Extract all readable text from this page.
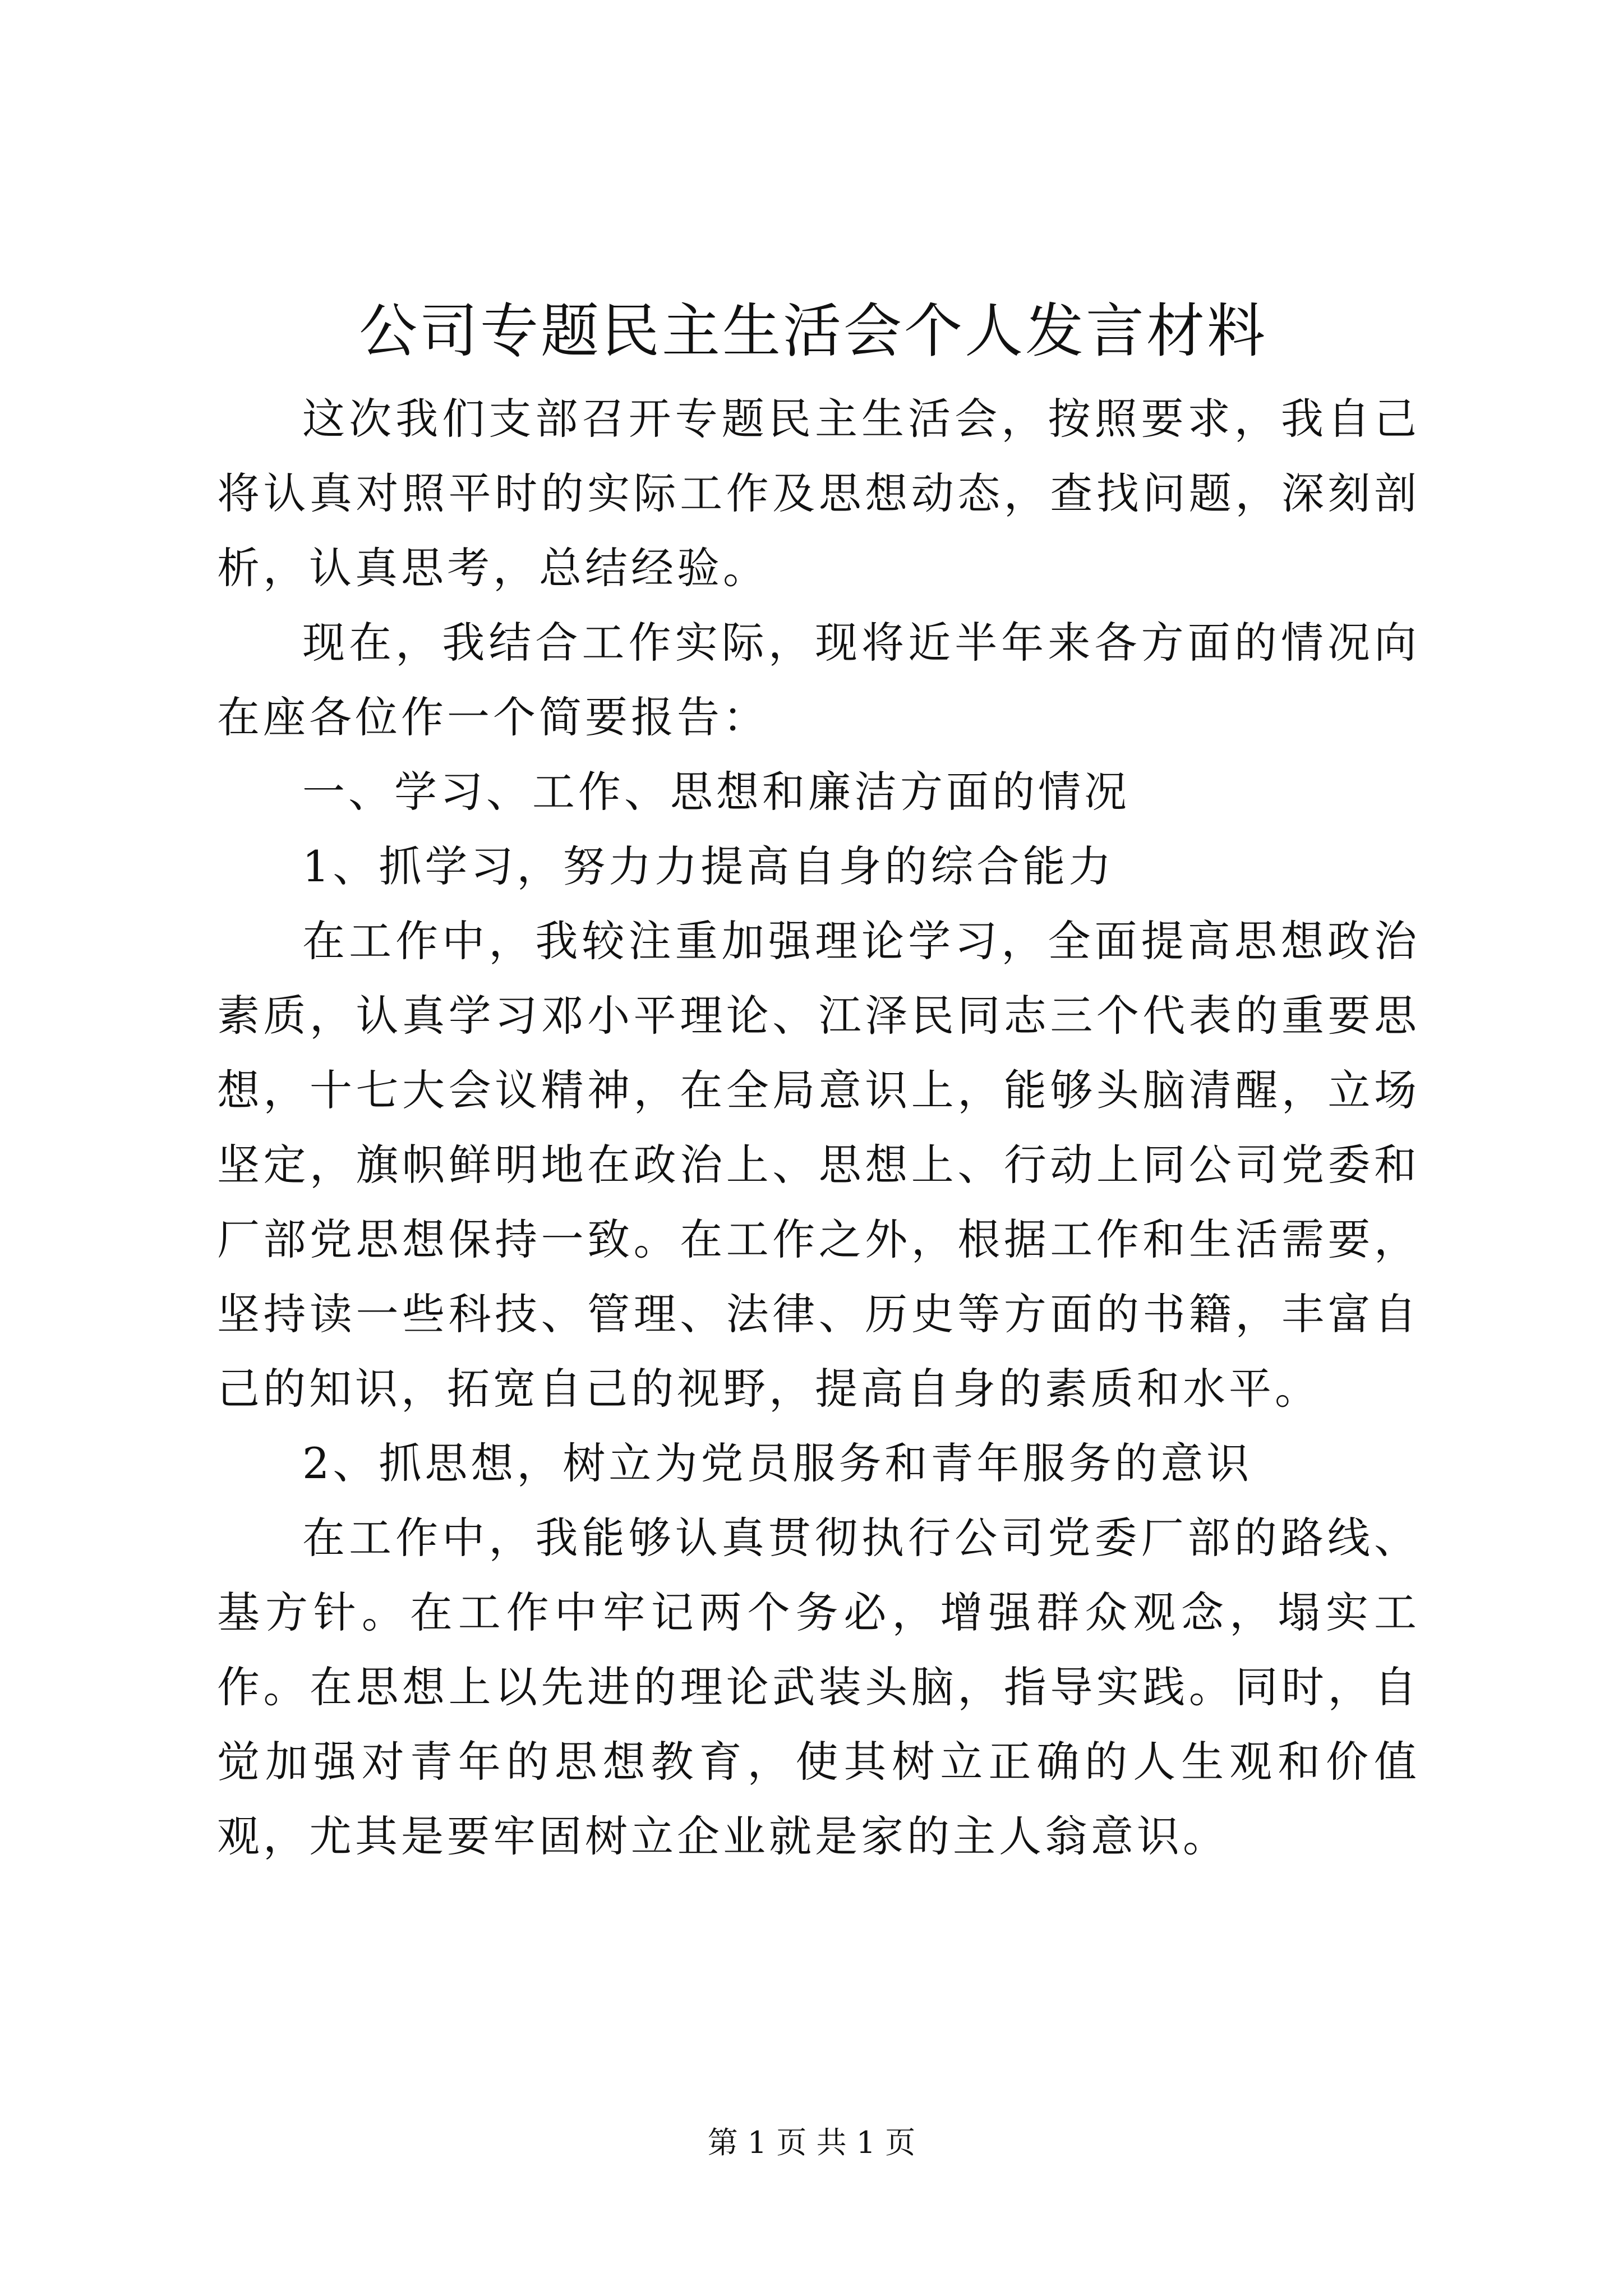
公司专题民主生活会个人发言材料

这次我们支部召开专题民主生活会，按照要求，我自己将认真对照平时的实际工作及思想动态，查找问题，深刻剖析，认真思考，总结经验。

现在，我结合工作实际，现将近半年来各方面的情况向在座各位作一个简要报告：

一、学习、工作、思想和廉洁方面的情况

1、抓学习，努力力提高自身的综合能力

在工作中，我较注重加强理论学习，全面提高思想政治素质，认真学习邓小平理论、江泽民同志三个代表的重要思想，十七大会议精神，在全局意识上，能够头脑清醒，立场坚定，旗帜鲜明地在政治上、思想上、行动上同公司党委和厂部党思想保持一致。在工作之外，根据工作和生活需要，坚持读一些科技、管理、法律、历史等方面的书籍，丰富自己的知识，拓宽自己的视野，提高自身的素质和水平。

2、抓思想，树立为党员服务和青年服务的意识

在工作中，我能够认真贯彻执行公司党委厂部的路线、基方针。在工作中牢记两个务必，增强群众观念，塌实工作。在思想上以先进的理论武装头脑，指导实践。同时，自觉加强对青年的思想教育，使其树立正确的人生观和价值观，尤其是要牢固树立企业就是家的主人翁意识。

第 1 页 共 1 页
